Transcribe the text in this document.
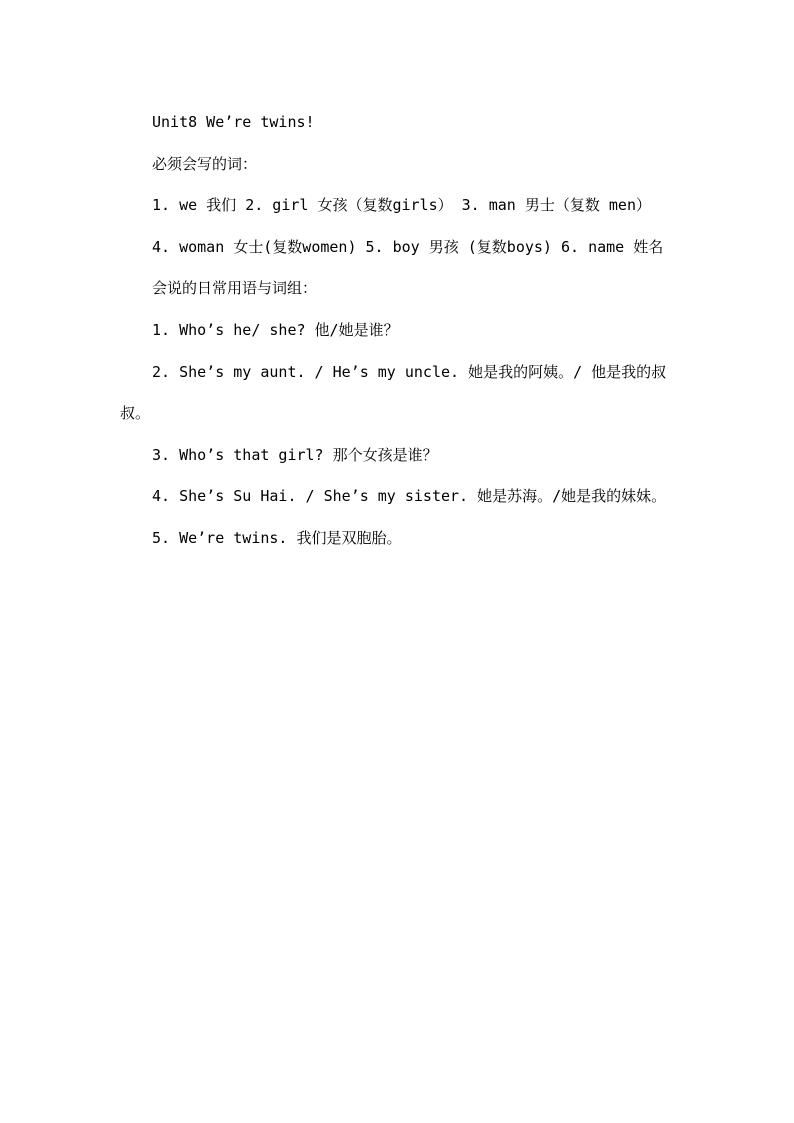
Unit8 We’re twins!

必须会写的词：

1. we 我们 2. girl 女孩（复数girls） 3. man 男士（复数 men）

4. woman 女士(复数women) 5. boy 男孩 (复数boys) 6. name 姓名

会说的日常用语与词组：

1. Who’s he/ she? 他/她是谁？

2. She’s my aunt. / He’s my uncle. 她是我的阿姨。/ 他是我的叔叔。

3. Who’s that girl? 那个女孩是谁？

4. She’s Su Hai. / She’s my sister. 她是苏海。/她是我的妹妹。

5. We’re twins. 我们是双胞胎。
